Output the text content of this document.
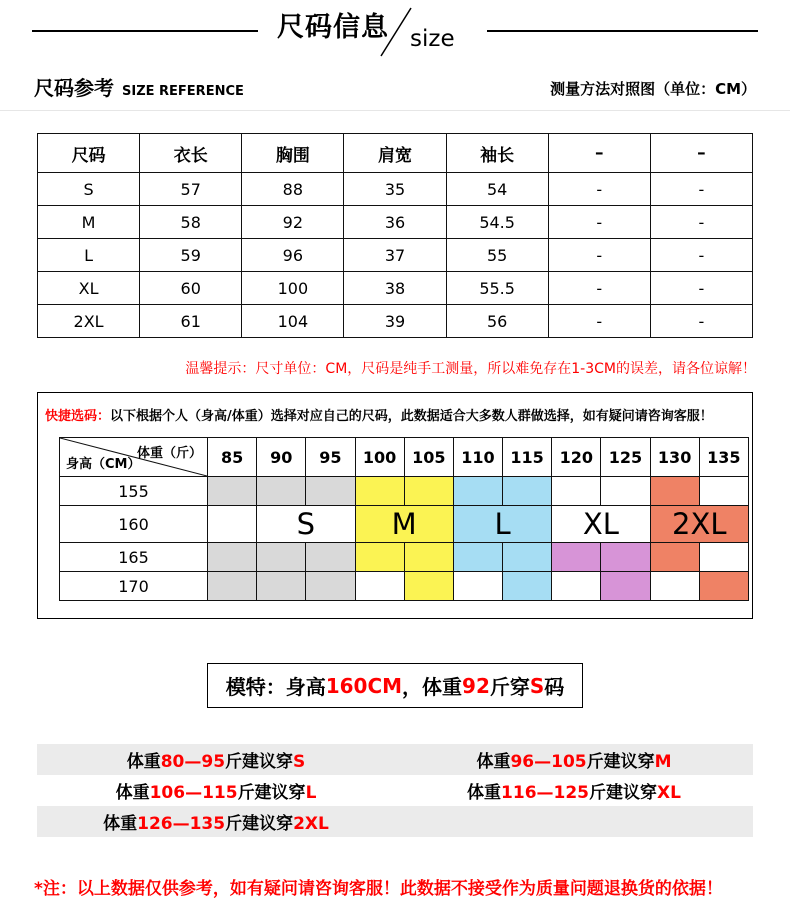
尺码信息 size
尺码参考 SIZE REFERENCE	测量方法对照图（单位：CM）
尺码	衣长	胸围	肩宽	袖长	–	–
S	57	88	35	54	-	-
M	58	92	36	54.5	-	-
L	59	96	37	55	-	-
XL	60	100	38	55.5	-	-
2XL	61	104	39	56	-	-
温馨提示：尺寸单位：CM，尺码是纯手工测量，所以难免存在1-3CM的误差，请各位谅解！
快捷选码：以下根据个人（身高/体重）选择对应自己的尺码，此数据适合大多数人群做选择，如有疑问请咨询客服！
体重（斤）
身高（CM）	85	90	95	100	105	110	115	120	125	130	135
155											
160		S		M		L		XL		2XL	
165											
170											
模特：身高 160CM ，体重 92 斤穿 S 码
体重80—95斤建议穿S	体重96—105斤建议穿M
体重106—115斤建议穿L	体重116—125斤建议穿XL
体重126—135斤建议穿2XL
*注：以上数据仅供参考，如有疑问请咨询客服！此数据不接受作为质量问题退换货的依据！
